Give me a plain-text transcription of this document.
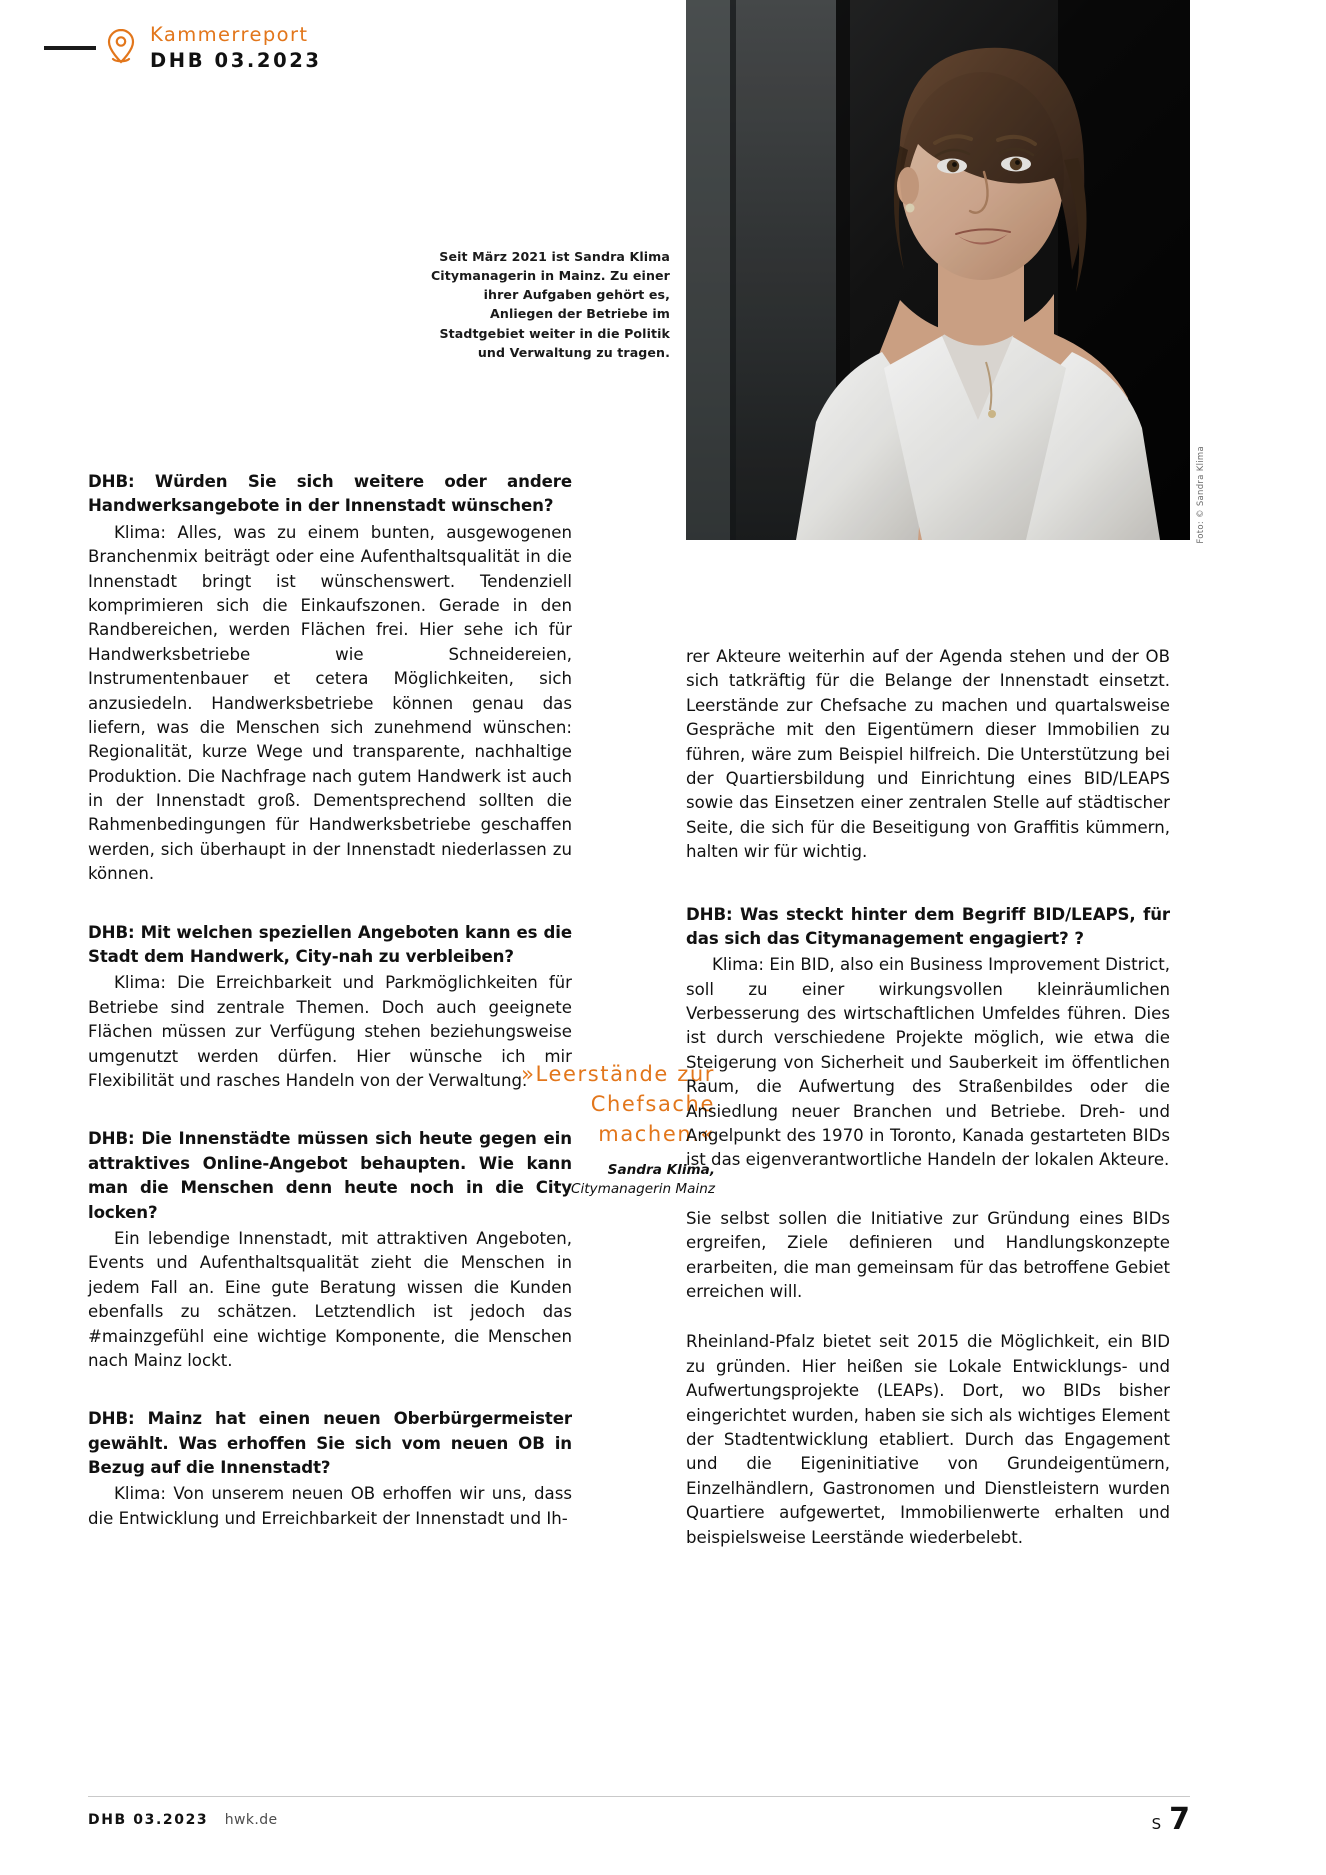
Kammerreport
DHB 03.2023
Foto: © Sandra Klima
Seit März 2021 ist Sandra Klima Citymanagerin in Mainz. Zu einer ihrer Aufgaben gehört es, Anliegen der Betriebe im Stadtgebiet weiter in die Politik und Verwaltung zu tragen.

DHB: Würden Sie sich weitere oder andere Handwerksangebote in der Innenstadt wünschen?

Klima: Alles, was zu einem bunten, ausgewogenen Branchenmix beiträgt oder eine Aufenthaltsqualität in die Innenstadt bringt ist wünschenswert. Tendenziell komprimieren sich die Einkaufszonen. Gerade in den Randbereichen, werden Flächen frei. Hier sehe ich für Handwerksbetriebe wie Schneidereien, Instrumentenbauer et cetera Möglichkeiten, sich anzusiedeln. Handwerksbetriebe können genau das liefern, was die Menschen sich zunehmend wünschen: Regionalität, kurze Wege und transparente, nachhaltige Produktion. Die Nachfrage nach gutem Handwerk ist auch in der Innenstadt groß. Dementsprechend sollten die Rahmenbedingungen für Handwerksbetriebe geschaffen werden, sich überhaupt in der Innenstadt niederlassen zu können.

DHB: Mit welchen speziellen Angeboten kann es die Stadt dem Handwerk, City-nah zu verbleiben?

Klima: Die Erreichbarkeit und Parkmöglichkeiten für Betriebe sind zentrale Themen. Doch auch geeignete Flächen müssen zur Verfügung stehen beziehungsweise umgenutzt werden dürfen. Hier wünsche ich mir Flexibilität und rasches Handeln von der Verwaltung.

DHB: Die Innenstädte müssen sich heute gegen ein attraktives Online-Angebot behaupten. Wie kann man die Menschen denn heute noch in die City locken?

Ein lebendige Innenstadt, mit attraktiven Angeboten, Events und Aufenthaltsqualität zieht die Menschen in jedem Fall an. Eine gute Beratung wissen die Kunden ebenfalls zu schätzen. Letztendlich ist jedoch das #mainzgefühl eine wichtige Komponente, die Menschen nach Mainz lockt.

DHB: Mainz hat einen neuen Oberbürgermeister gewählt. Was erhoffen Sie sich vom neuen OB in Bezug auf die Innenstadt?

Klima: Von unserem neuen OB erhoffen wir uns, dass die Entwicklung und Erreichbarkeit der Innenstadt und Ih-

»Leerstände zur Chefsache machen.«
Sandra Klima,
Citymanagerin Mainz

rer Akteure weiterhin auf der Agenda stehen und der OB sich tatkräftig für die Belange der Innenstadt einsetzt. Leerstände zur Chefsache zu machen und quartalsweise Gespräche mit den Eigentümern dieser Immobilien zu führen, wäre zum Beispiel hilfreich. Die Unterstützung bei der Quartiersbildung und Einrichtung eines BID/LEAPS sowie das Einsetzen einer zentralen Stelle auf städtischer Seite, die sich für die Beseitigung von Graffitis kümmern, halten wir für wichtig.

DHB: Was steckt hinter dem Begriff BID/LEAPS, für das sich das Citymanagement engagiert? ?

Klima: Ein BID, also ein Business Improvement District, soll zu einer wirkungsvollen kleinräumlichen Verbesserung des wirtschaftlichen Umfeldes führen. Dies ist durch verschiedene Projekte möglich, wie etwa die Steigerung von Sicherheit und Sauberkeit im öffentlichen Raum, die Aufwertung des Straßenbildes oder die Ansiedlung neuer Branchen und Betriebe. Dreh- und Angelpunkt des 1970 in Toronto, Kanada gestarteten BIDs ist das eigenverantwortliche Handeln der lokalen Akteure.

Sie selbst sollen die Initiative zur Gründung eines BIDs ergreifen, Ziele definieren und Handlungskonzepte erarbeiten, die man gemeinsam für das betroffene Gebiet erreichen will.

Rheinland-Pfalz bietet seit 2015 die Möglichkeit, ein BID zu gründen. Hier heißen sie Lokale Entwicklungs- und Aufwertungsprojekte (LEAPs). Dort, wo BIDs bisher eingerichtet wurden, haben sie sich als wichtiges Element der Stadtentwicklung etabliert. Durch das Engagement und die Eigeninitiative von Grundeigentümern, Einzelhändlern, Gastronomen und Dienstleistern wurden Quartiere aufgewertet, Immobilienwerte erhalten und beispielsweise Leerstände wiederbelebt.

DHB 03.2023 hwk.de	S 7
